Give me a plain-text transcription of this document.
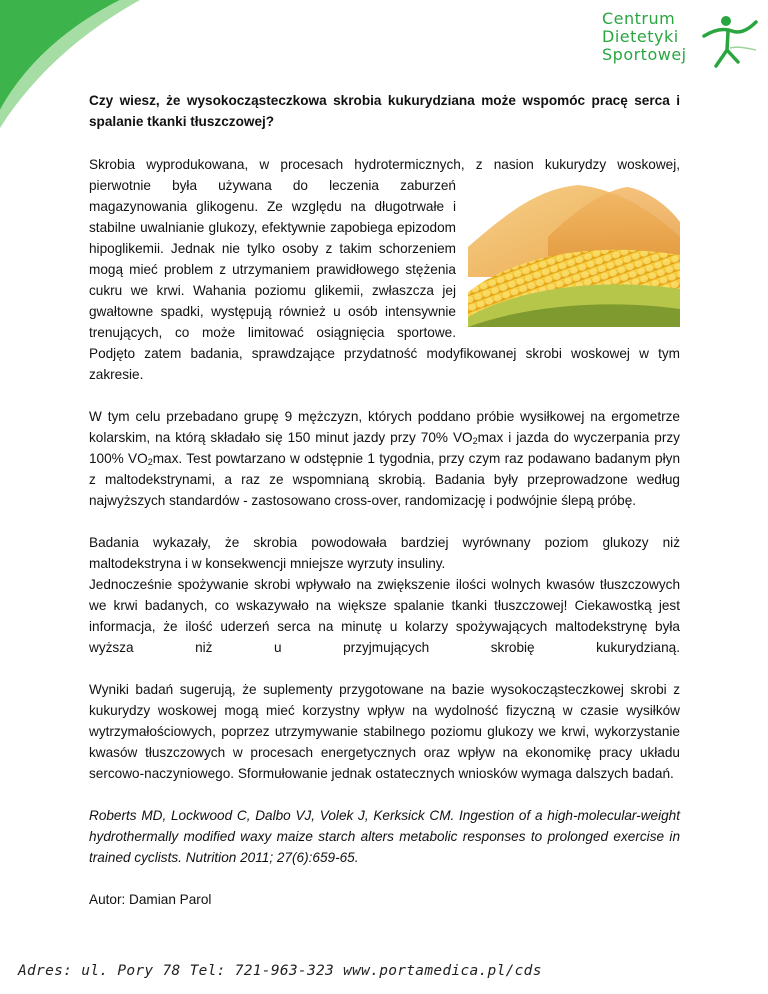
Centrum
Dietetyki
Sportowej
Czy wiesz, że wysokocząsteczkowa skrobia kukurydziana może wspomóc pracę serca i spalanie tkanki tłuszczowej?

Skrobia wyprodukowana, w procesach hydrotermicznych, z nasion kukurydzy woskowej,

pierwotnie była używana do leczenia zaburzeń magazynowania glikogenu. Ze względu na długotrwałe i stabilne uwalnianie glukozy, efektywnie zapobiega epizodom hipoglikemii. Jednak nie tylko osoby z takim schorzeniem mogą mieć problem z utrzymaniem prawidłowego stężenia cukru we krwi. Wahania poziomu glikemii, zwłaszcza jej gwałtowne spadki, występują również u osób intensywnie trenujących, co może limitować osiągnięcia sportowe. Podjęto zatem badania, sprawdzające przydatność modyfikowanej skrobi woskowej w tym zakresie.

W tym celu przebadano grupę 9 mężczyzn, których poddano próbie wysiłkowej na ergometrze kolarskim, na którą składało się 150 minut jazdy przy 70% $VO_2\max$ i jazda do wyczerpania przy 100% $VO_2\max$. Test powtarzano w odstępnie 1 tygodnia, przy czym raz podawano badanym płyn z maltodekstrynami, a raz ze wspomnianą skrobią. Badania były przeprowadzone według najwyższych standardów - zastosowano cross-over, randomizację i podwójnie ślepą próbę.

Badania wykazały, że skrobia powodowała bardziej wyrównany poziom glukozy niż maltodekstryna i w konsekwencji mniejsze wyrzuty insuliny.

Jednocześnie spożywanie skrobi wpływało na zwiększenie ilości wolnych kwasów tłuszczowych we krwi badanych, co wskazywało na większe spalanie tkanki tłuszczowej! Ciekawostką jest informacja, że ilość uderzeń serca na minutę u kolarzy spożywających maltodekstrynę była wyższa niż u przyjmujących skrobię kukurydzianą.

Wyniki badań sugerują, że suplementy przygotowane na bazie wysokocząsteczkowej skrobi z kukurydzy woskowej mogą mieć korzystny wpływ na wydolność fizyczną w czasie wysiłków wytrzymałościowych, poprzez utrzymywanie stabilnego poziomu glukozy we krwi, wykorzystanie kwasów tłuszczowych w procesach energetycznych oraz wpływ na ekonomikę pracy układu sercowo-naczyniowego. Sformułowanie jednak ostatecznych wniosków wymaga dalszych badań.

Roberts MD, Lockwood C, Dalbo VJ, Volek J, Kerksick CM. Ingestion of a high-molecular-weight hydrothermally modified waxy maize starch alters metabolic responses to prolonged exercise in trained cyclists. Nutrition 2011; 27(6):659-65.

Autor: Damian Parol

Adres: ul. Pory 78 Tel: 721-963-323 www.portamedica.pl/cds
